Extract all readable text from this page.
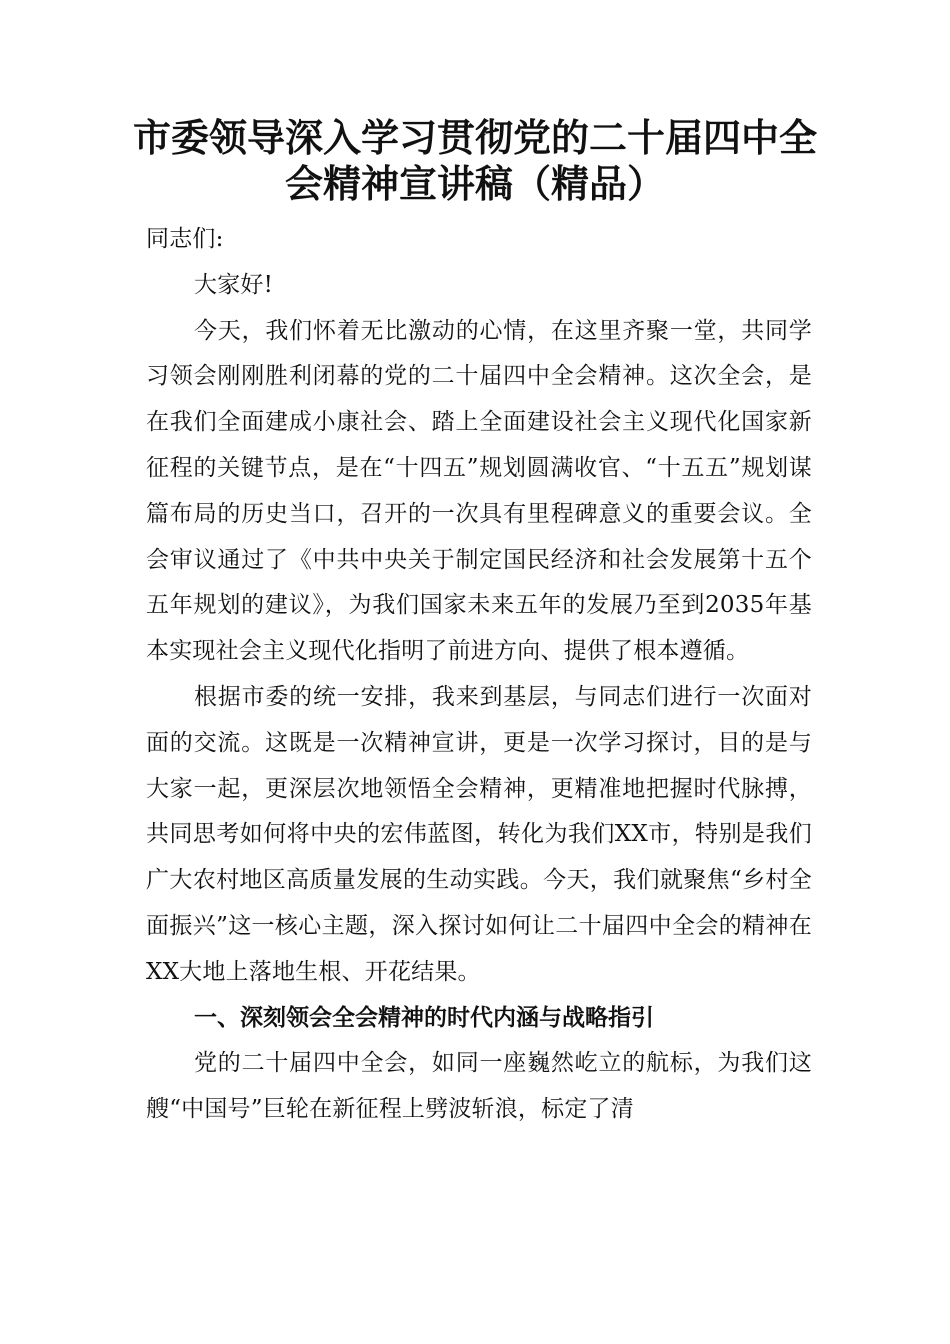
市委领导深入学习贯彻党的二十届四中全
会精神宣讲稿（精品）

同志们:

大家好!

今天，我们怀着无比激动的心情，在这里齐聚一堂，共同学习领会刚刚胜利闭幕的党的二十届四中全会精神。这次全会，是在我们全面建成小康社会、踏上全面建设社会主义现代化国家新征程的关键节点，是在“十四五”规划圆满收官、“十五五”规划谋篇布局的历史当口，召开的一次具有里程碑意义的重要会议。全会审议通过了《中共中央关于制定国民经济和社会发展第十五个五年规划的建议》，为我们国家未来五年的发展乃至到2035年基本实现社会主义现代化指明了前进方向、提供了根本遵循。

根据市委的统一安排，我来到基层，与同志们进行一次面对面的交流。这既是一次精神宣讲，更是一次学习探讨，目的是与大家一起，更深层次地领悟全会精神，更精准地把握时代脉搏，共同思考如何将中央的宏伟蓝图，转化为我们XX市，特别是我们广大农村地区高质量发展的生动实践。今天，我们就聚焦“乡村全面振兴”这一核心主题，深入探讨如何让二十届四中全会的精神在XX大地上落地生根、开花结果。

一、深刻领会全会精神的时代内涵与战略指引

党的二十届四中全会，如同一座巍然屹立的航标，为我们这艘“中国号”巨轮在新征程上劈波斩浪，标定了清
